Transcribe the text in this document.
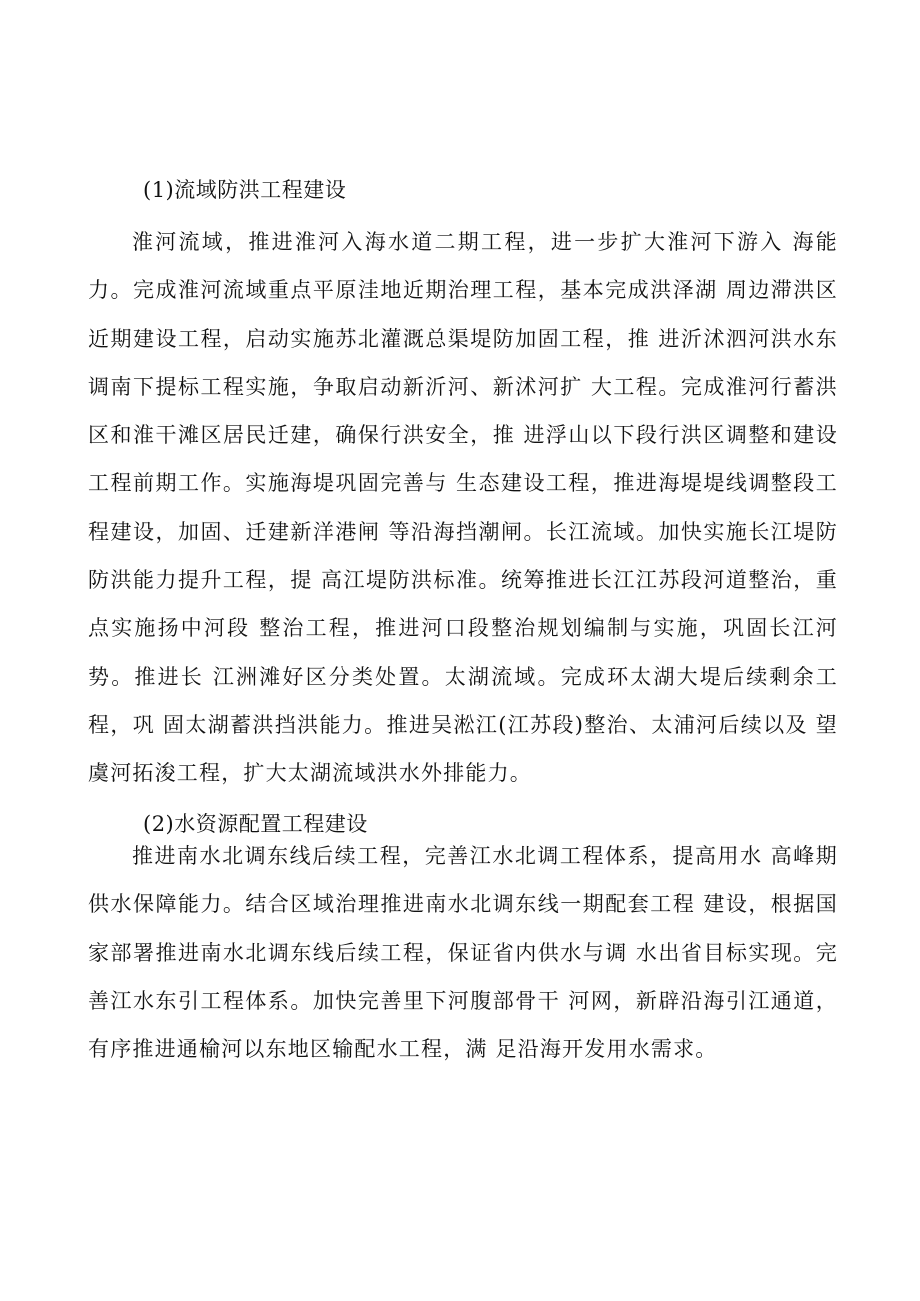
(1)流域防洪工程建设

淮河流域，推进淮河入海水道二期工程，进一步扩大淮河下游入 海能力。完成淮河流域重点平原洼地近期治理工程，基本完成洪泽湖 周边滞洪区近期建设工程，启动实施苏北灌溉总渠堤防加固工程，推 进沂沭泗河洪水东调南下提标工程实施，争取启动新沂河、新沭河扩 大工程。完成淮河行蓄洪区和淮干滩区居民迁建，确保行洪安全，推 进浮山以下段行洪区调整和建设工程前期工作。实施海堤巩固完善与 生态建设工程，推进海堤堤线调整段工程建设，加固、迁建新洋港闸 等沿海挡潮闸。长江流域。加快实施长江堤防防洪能力提升工程，提 高江堤防洪标准。统筹推进长江江苏段河道整治，重点实施扬中河段 整治工程，推进河口段整治规划编制与实施，巩固长江河势。推进长 江洲滩好区分类处置。太湖流域。完成环太湖大堤后续剩余工程，巩 固太湖蓄洪挡洪能力。推进吴淞江(江苏段)整治、太浦河后续以及 望虞河拓浚工程，扩大太湖流域洪水外排能力。

(2)水资源配置工程建设

推进南水北调东线后续工程，完善江水北调工程体系，提高用水 高峰期供水保障能力。结合区域治理推进南水北调东线一期配套工程 建设，根据国家部署推进南水北调东线后续工程，保证省内供水与调 水出省目标实现。完善江水东引工程体系。加快完善里下河腹部骨干 河网，新辟沿海引江通道，有序推进通榆河以东地区输配水工程，满 足沿海开发用水需求。
